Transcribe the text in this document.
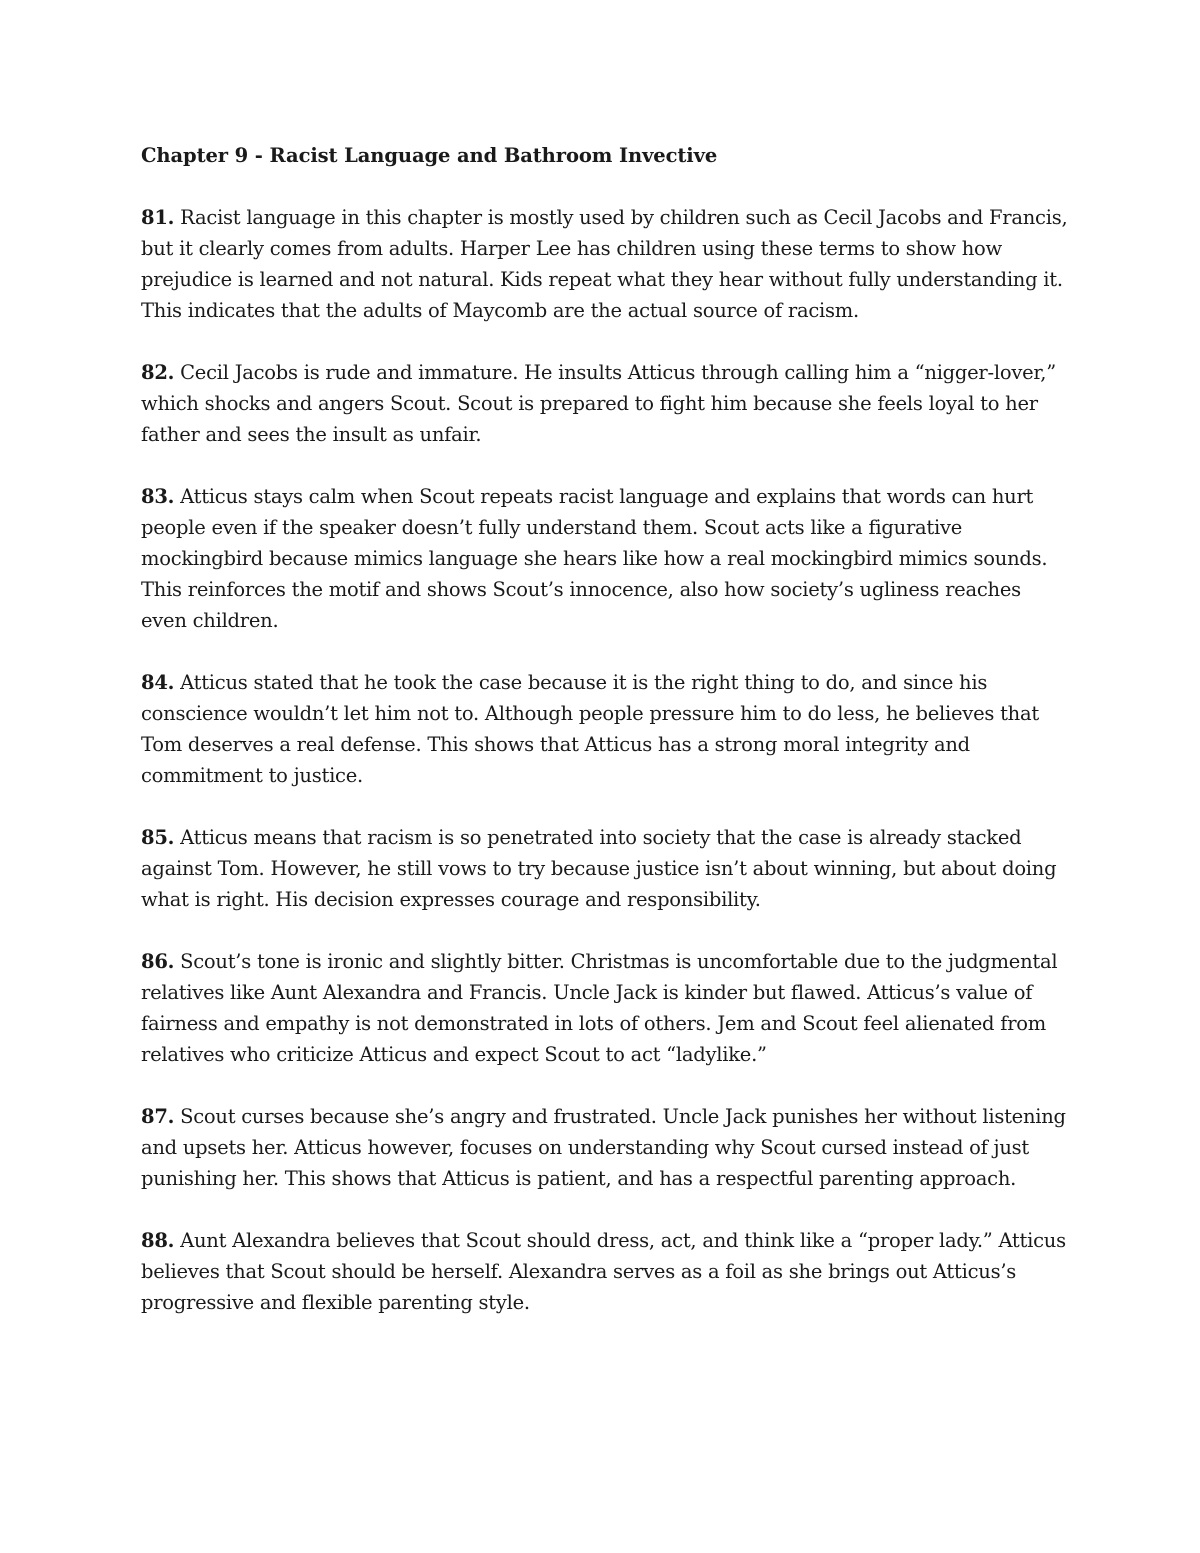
Chapter 9 - Racist Language and Bathroom Invective

81. Racist language in this chapter is mostly used by children such as Cecil Jacobs and Francis, but it clearly comes from adults. Harper Lee has children using these terms to show how prejudice is learned and not natural. Kids repeat what they hear without fully understanding it. This indicates that the adults of Maycomb are the actual source of racism.

82. Cecil Jacobs is rude and immature. He insults Atticus through calling him a “nigger-lover,” which shocks and angers Scout. Scout is prepared to fight him because she feels loyal to her father and sees the insult as unfair.

83. Atticus stays calm when Scout repeats racist language and explains that words can hurt people even if the speaker doesn’t fully understand them. Scout acts like a figurative mockingbird because mimics language she hears like how a real mockingbird mimics sounds. This reinforces the motif and shows Scout’s innocence, also how society’s ugliness reaches even children.

84. Atticus stated that he took the case because it is the right thing to do, and since his conscience wouldn’t let him not to. Although people pressure him to do less, he believes that Tom deserves a real defense. This shows that Atticus has a strong moral integrity and commitment to justice.

85. Atticus means that racism is so penetrated into society that the case is already stacked against Tom. However, he still vows to try because justice isn’t about winning, but about doing what is right. His decision expresses courage and responsibility.

86. Scout’s tone is ironic and slightly bitter. Christmas is uncomfortable due to the judgmental relatives like Aunt Alexandra and Francis. Uncle Jack is kinder but flawed. Atticus’s value of fairness and empathy is not demonstrated in lots of others. Jem and Scout feel alienated from relatives who criticize Atticus and expect Scout to act “ladylike.”

87. Scout curses because she’s angry and frustrated. Uncle Jack punishes her without listening and upsets her. Atticus however, focuses on understanding why Scout cursed instead of just punishing her. This shows that Atticus is patient, and has a respectful parenting approach.

88. Aunt Alexandra believes that Scout should dress, act, and think like a “proper lady.” Atticus believes that Scout should be herself. Alexandra serves as a foil as she brings out Atticus’s progressive and flexible parenting style.
